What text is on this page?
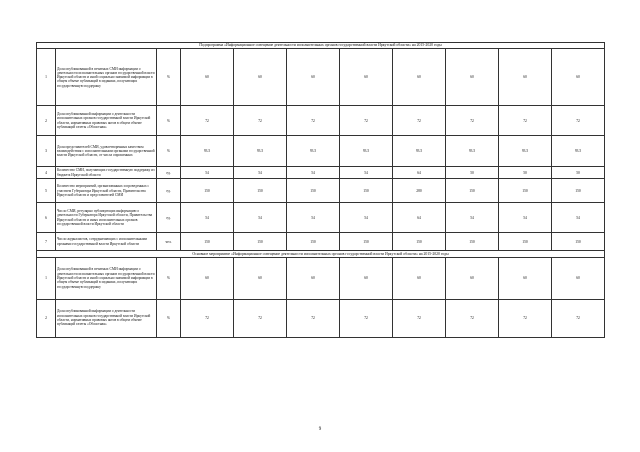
Подпрограмма «Информационное освещение деятельности исполнительных органов государственной власти Иркутской области» на 2015-2020 годы										
1	Доля опубликованной в печатных СМИ информации о деятельности исполнительных органов государственной власти Иркутской области и иной социально значимой информации в общем объеме публикаций в изданиях, получающих государственную поддержку	%	60	60	60	60	60	60	60	60
2	Доля опубликованной информации о деятельности исполнительных органов государственной власти Иркутской области, нормативных правовых актов в общем объеме публикаций газеты «Областная»	%	72	72	72	72	72	72	72	72
3	Доля представителей СМИ, удовлетворенных качеством взаимодействия с исполнительными органами государственной власти Иркутской области, от числа опрошенных	%	93.5	93.5	93.5	93.5	93.5	93.5	93.5	93.5
4	Количество СМИ, получающих государственную поддержку из бюджета Иркутской области	ед.	54	54	54	54	64	50	50	50
5	Количество мероприятий, организованных и проведенных с участием Губернатора Иркутской области, Правительства Иркутской области и представителей СМИ	ед.	150	150	150	150	280	150	150	150
6	Число СМИ, регулярно публикующих информацию о деятельности Губернатора Иркутской области, Правительства Иркутской области и иных исполнительных органов государственной власти Иркутской области	ед.	54	54	54	54	64	54	54	54
7	Число журналистов, сотрудничающих с исполнительными органами государственной власти Иркутской области	чел.	150	150	150	150	150	150	150	150
Основное мероприятие «Информационное освещение деятельности исполнительных органов государственной власти Иркутской области» на 2015-2020 годы										
1	Доля опубликованной в печатных СМИ информации о деятельности исполнительных органов государственной власти Иркутской области и иной социально значимой информации в общем объеме публикаций в изданиях, получающих государственную поддержку	%	60	60	60	60	60	60	60	60
2	Доля опубликованной информации о деятельности исполнительных органов государственной власти Иркутской области, нормативных правовых актов в общем объеме публикаций газеты «Областная»	%	72	72	72	72	72	72	72	72
9
